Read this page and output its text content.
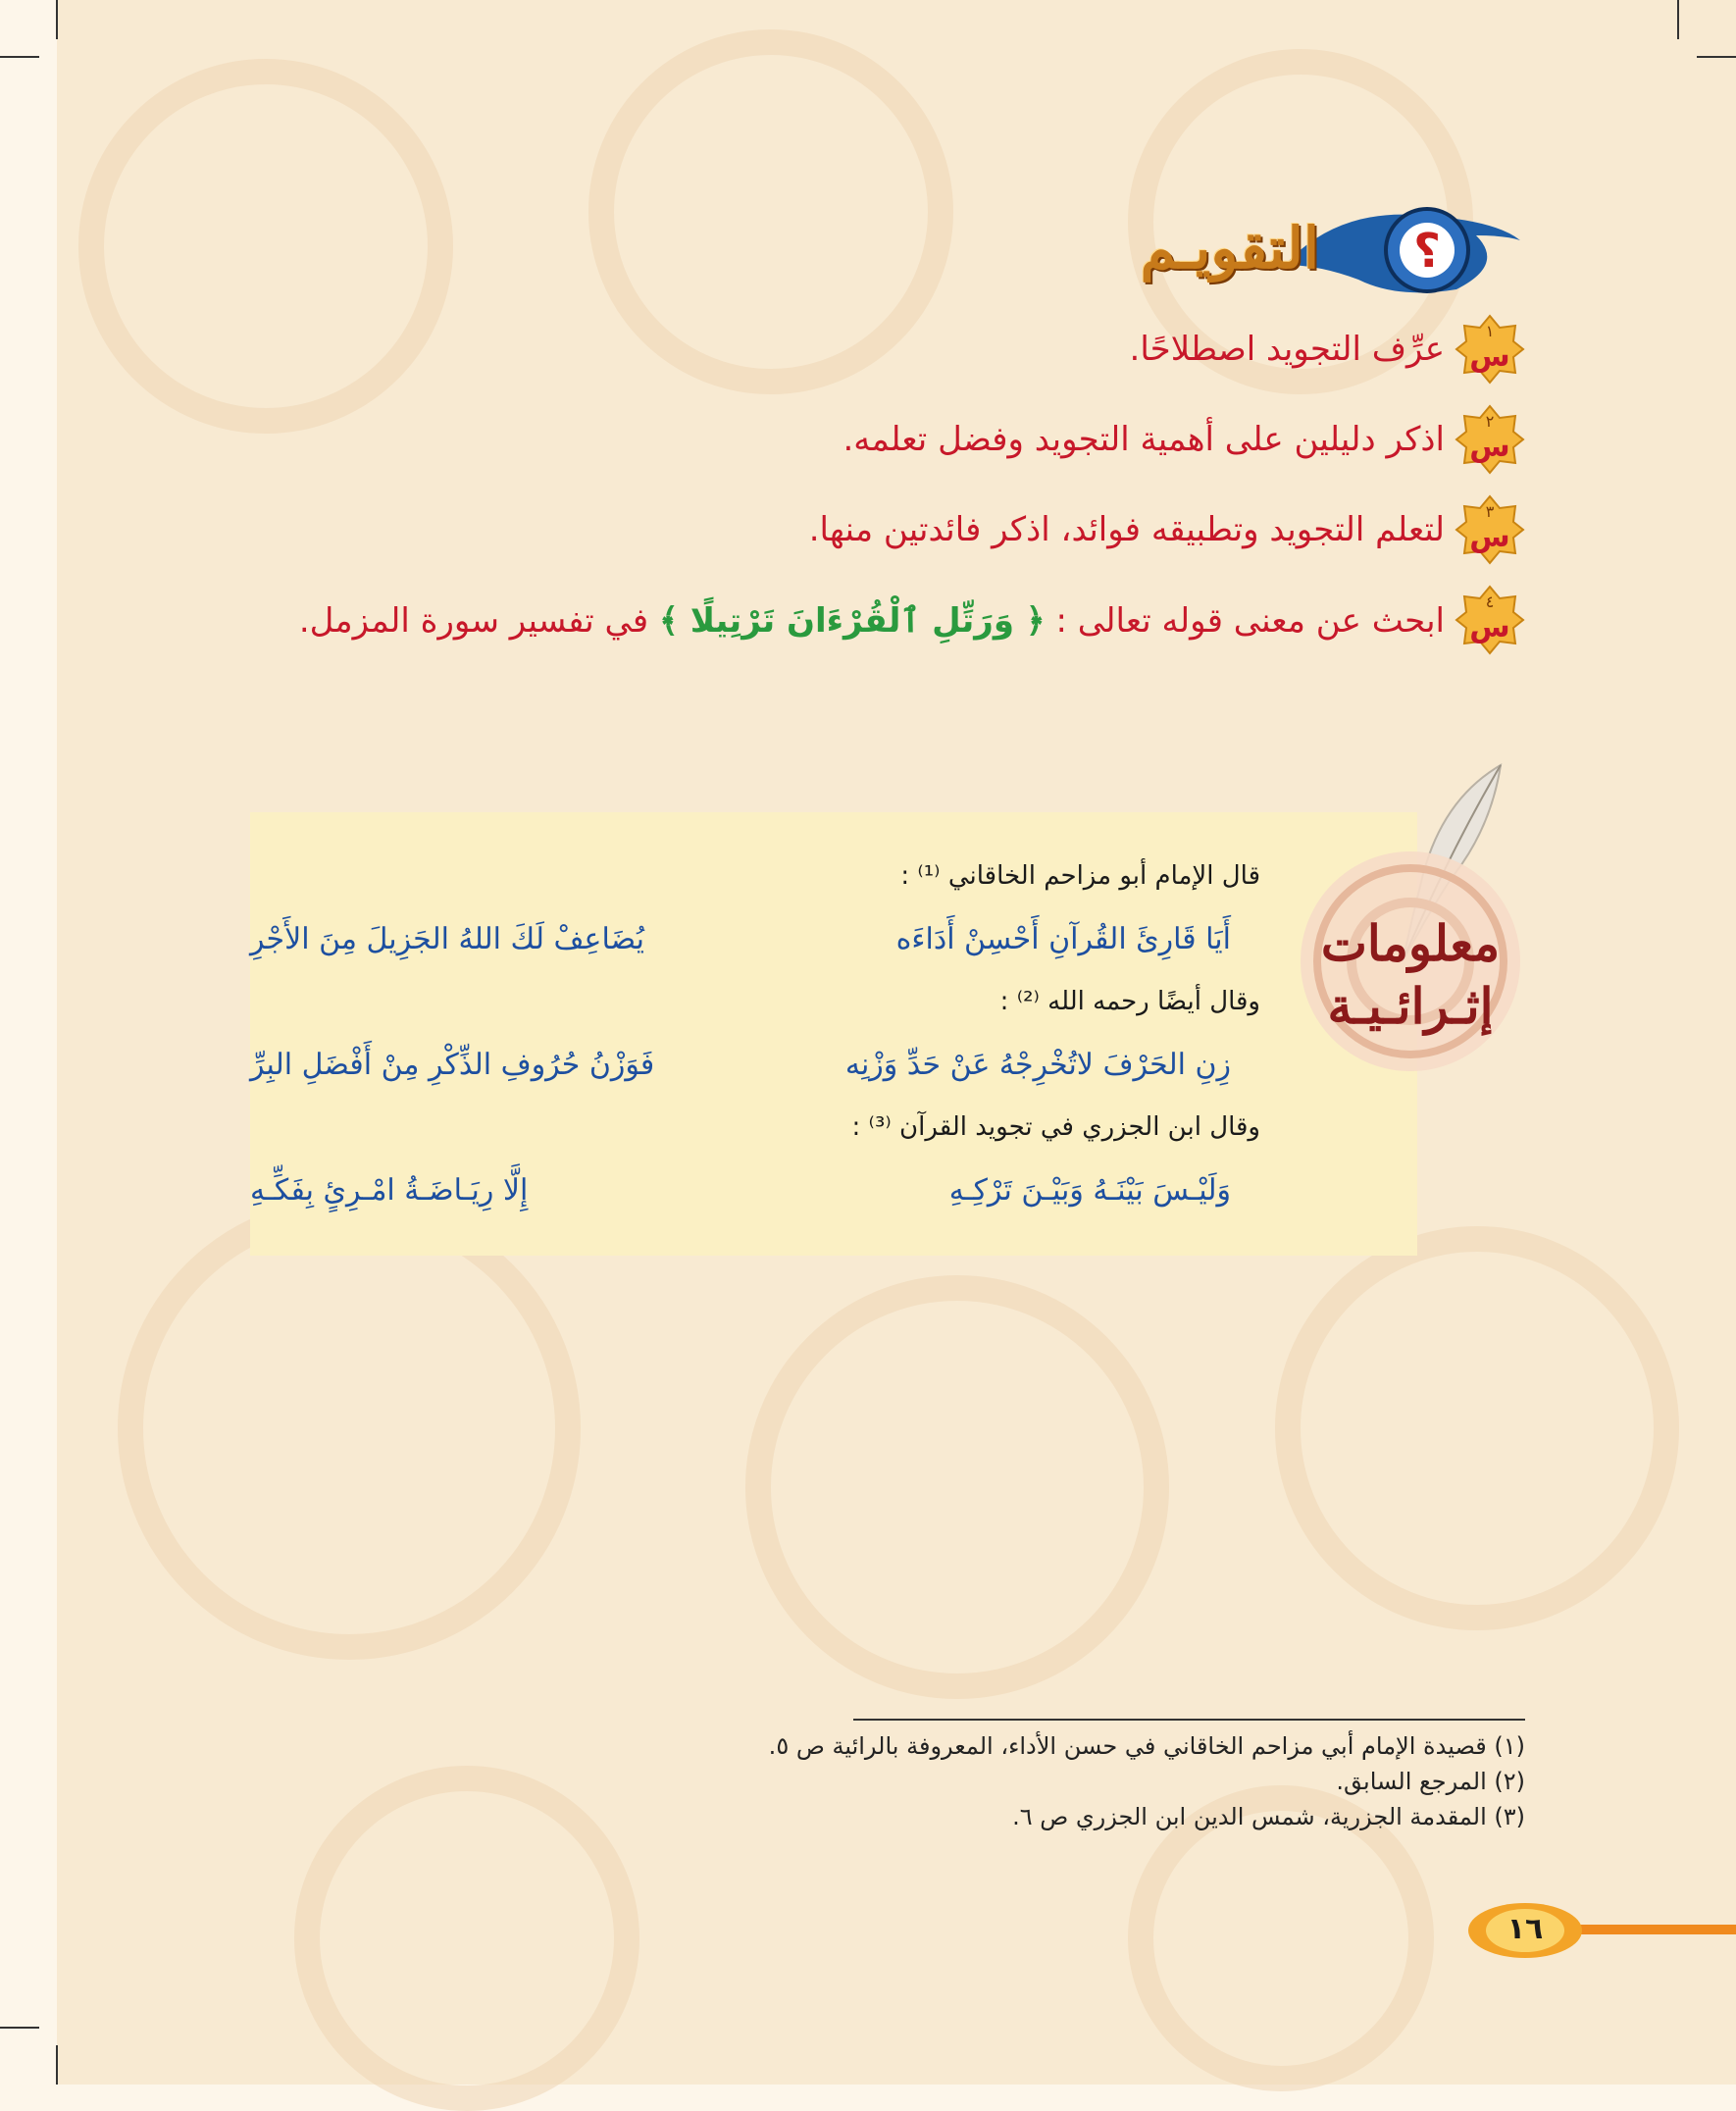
؟
التقويـم
١
س
عرِّف التجويد اصطلاحًا.
٢
س
اذكر دليلين على أهمية التجويد وفضل تعلمه.
٣
س
لتعلم التجويد وتطبيقه فوائد، اذكر فائدتين منها.
٤
س
ابحث عن معنى قوله تعالى : ﴿ وَرَتِّلِ ٱلْقُرْءَانَ تَرْتِيلًا ﴾ في تفسير سورة المزمل.
معلومات
إثـرائـيـة
قال الإمام أبو مزاحم الخاقاني ⁽¹⁾ :
أَيَا قَارِئَ القُرآنِ أَحْسِنْ أَدَاءَه
يُضَاعِفْ لَكَ اللهُ الجَزِيلَ مِنَ الأَجْرِ
وقال أيضًا رحمه الله ⁽²⁾ :
زِنِ الحَرْفَ لاتُخْرِجْهُ عَنْ حَدِّ وَزْنِه
فَوَزْنُ حُرُوفِ الذِّكْرِ مِنْ أَفْضَلِ البِرِّ
وقال ابن الجزري في تجويد القرآن ⁽³⁾ :
وَلَيْـسَ بَيْنَـهُ وَبَيْـنَ تَرْكِـهِ
إِلَّا رِيَـاضَـةُ امْـرِئٍ بِفَكِّـهِ
(١) قصيدة الإمام أبي مزاحم الخاقاني في حسن الأداء، المعروفة بالرائية ص ٥.
(٢) المرجع السابق.
(٣) المقدمة الجزرية، شمس الدين ابن الجزري ص ٦.
١٦
